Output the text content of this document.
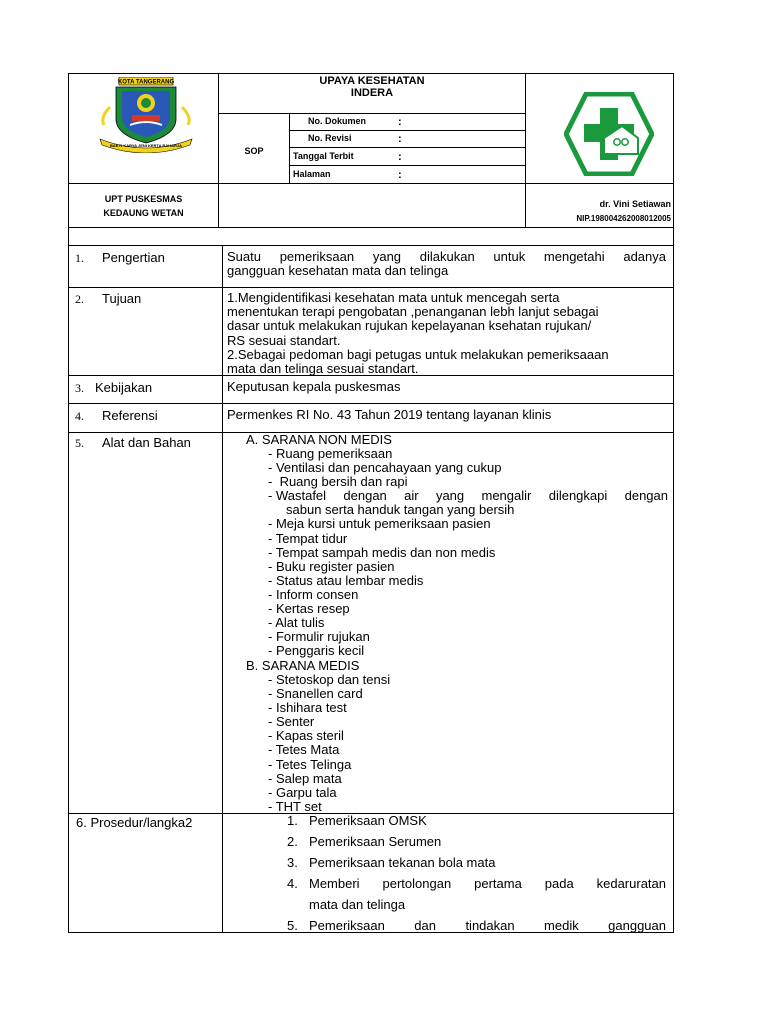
KOTA TANGERANG
BAKTI KARYA JENI KERTA RAHARJA
UPAYA KESEHATAN
INDERA
SOP
No. Dokumen	:
No. Revisi	:
Tanggal Terbit	:
Halaman	:
UPT PUSKESMAS
KEDAUNG WETAN
dr. Vini Setiawan
NIP.198004262008012005
1. Pengertian	Suatu pemeriksaan yang dilakukan untuk mengetahi adanya
gangguan kesehatan mata dan telinga
2. Tujuan	1.Mengidentifikasi kesehatan mata untuk mencegah serta
menentukan terapi pengobatan ,penanganan lebh lanjut sebagai
dasar untuk melakukan rujukan kepelayanan ksehatan rujukan/
RS sesuai standart.
2.Sebagai pedoman bagi petugas untuk melakukan pemeriksaaan
mata dan telinga sesuai standart.
3. Kebijakan	Keputusan kepala puskesmas
4. Referensi	Permenkes RI No. 43 Tahun 2019 tentang layanan klinis
5. Alat dan Bahan	A. SARANA NON MEDIS
- Ruang pemeriksaan
- Ventilasi dan pencahayaan yang cukup
-  Ruang bersih dan rapi
- Wastafel dengan air yang mengalir dilengkapi dengan
sabun serta handuk tangan yang bersih
- Meja kursi untuk pemeriksaan pasien
- Tempat tidur
- Tempat sampah medis dan non medis
- Buku register pasien
- Status atau lembar medis
- Inform consen
- Kertas resep
- Alat tulis
- Formulir rujukan
- Penggaris kecil
B. SARANA MEDIS
- Stetoskop dan tensi
- Snanellen card
- Ishihara test
- Senter
- Kapas steril
- Tetes Mata
- Tetes Telinga
- Salep mata
- Garpu tala
- THT set
6. Prosedur/langka2	1. Pemeriksaan OMSK
2. Pemeriksaan Serumen
3. Pemeriksaan tekanan bola mata
4. Memberi pertolongan pertama pada kedaruratan
mata dan telinga
5. Pemeriksaan dan tindakan medik gangguan
